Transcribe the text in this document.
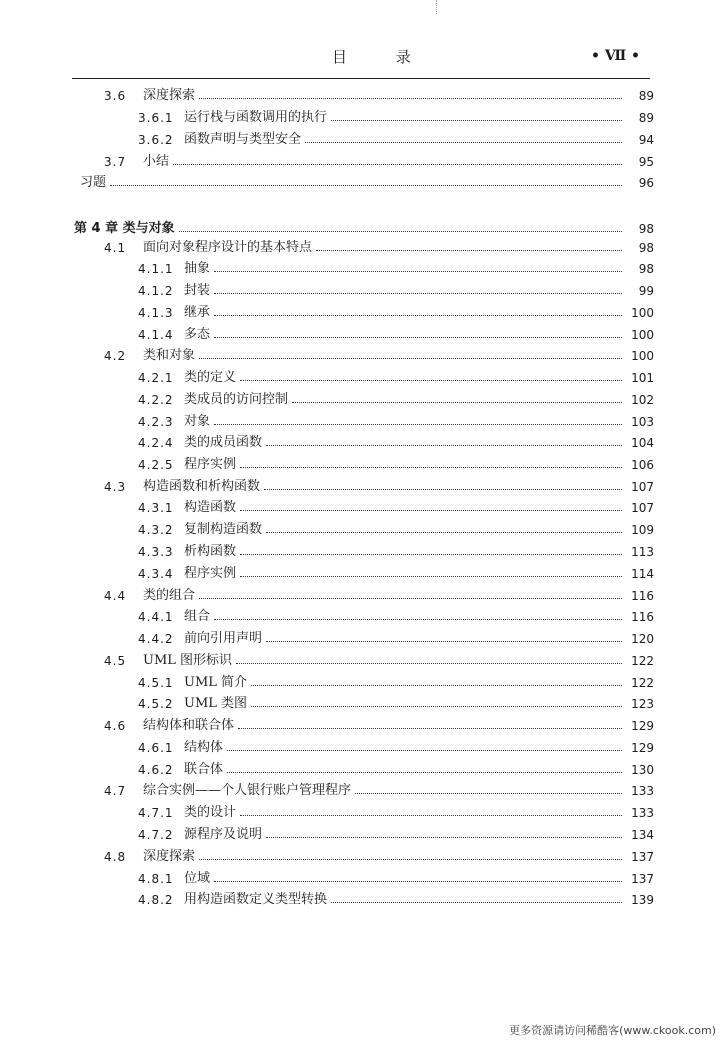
目 录	• Ⅶ •
3.6 深度探索	89
3.6.1 运行栈与函数调用的执行	89
3.6.2 函数声明与类型安全	94
3.7 小结	95
习题	96
第 4 章 类与对象	98
4.1 面向对象程序设计的基本特点	98
4.1.1 抽象	98
4.1.2 封装	99
4.1.3 继承	100
4.1.4 多态	100
4.2 类和对象	100
4.2.1 类的定义	101
4.2.2 类成员的访问控制	102
4.2.3 对象	103
4.2.4 类的成员函数	104
4.2.5 程序实例	106
4.3 构造函数和析构函数	107
4.3.1 构造函数	107
4.3.2 复制构造函数	109
4.3.3 析构函数	113
4.3.4 程序实例	114
4.4 类的组合	116
4.4.1 组合	116
4.4.2 前向引用声明	120
4.5 UML 图形标识	122
4.5.1 UML 简介	122
4.5.2 UML 类图	123
4.6 结构体和联合体	129
4.6.1 结构体	129
4.6.2 联合体	130
4.7 综合实例——个人银行账户管理程序	133
4.7.1 类的设计	133
4.7.2 源程序及说明	134
4.8 深度探索	137
4.8.1 位域	137
4.8.2 用构造函数定义类型转换	139
更多资源请访问稀酷客(www.ckook.com)
